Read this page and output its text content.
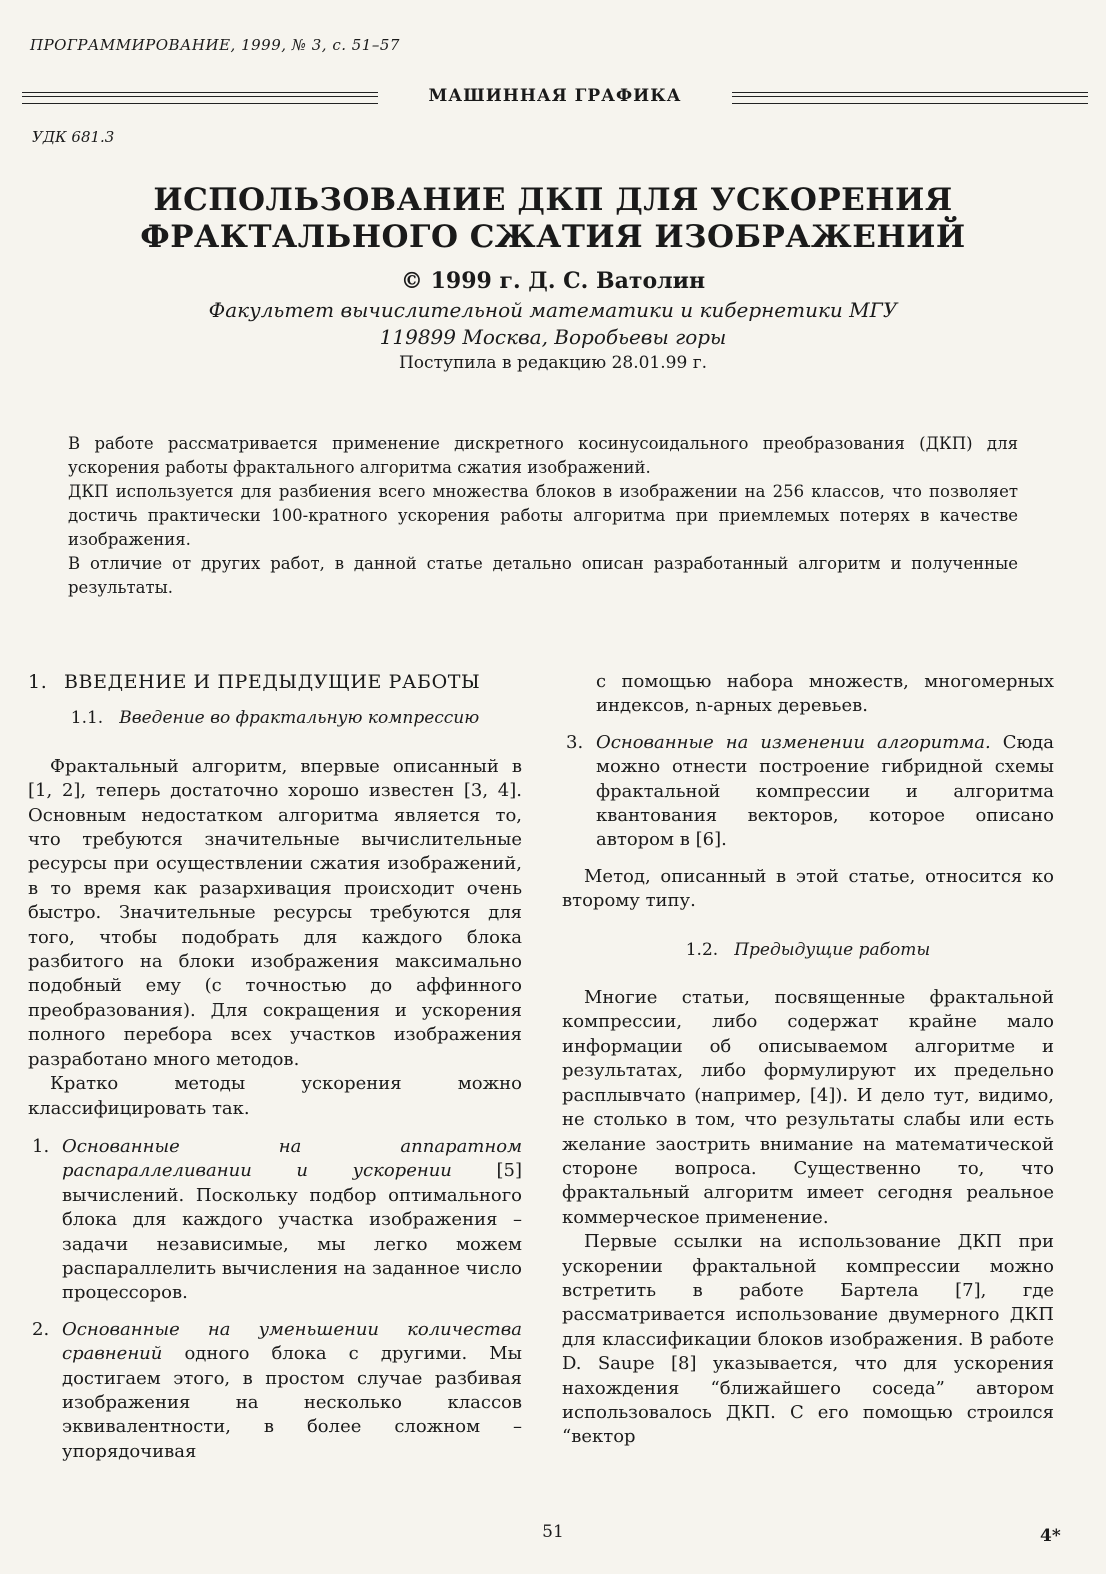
ПРОГРАММИРОВАНИЕ, 1999, № 3, с. 51–57
МАШИННАЯ ГРАФИКА
УДК 681.3
ИСПОЛЬЗОВАНИЕ ДКП ДЛЯ УСКОРЕНИЯ
ФРАКТАЛЬНОГО СЖАТИЯ ИЗОБРАЖЕНИЙ
© 1999 г. Д. С. Ватолин
Факультет вычислительной математики и кибернетики МГУ
119899 Москва, Воробьевы горы
Поступила в редакцию 28.01.99 г.

В работе рассматривается применение дискретного косинусоидального преобразования (ДКП) для ускорения работы фрактального алгоритма сжатия изображений.

ДКП используется для разбиения всего множества блоков в изображении на 256 классов, что позволяет достичь практически 100-кратного ускорения работы алгоритма при приемлемых потерях в качестве изображения.

В отличие от других работ, в данной статье детально описан разработанный алгоритм и полученные результаты.

1. ВВЕДЕНИЕ И ПРЕДЫДУЩИЕ РАБОТЫ
1.1. Введение во фрактальную компрессию

Фрактальный алгоритм, впервые описанный в [1, 2], теперь достаточно хорошо известен [3, 4]. Основным недостатком алгоритма является то, что требуются значительные вычислительные ресурсы при осуществлении сжатия изображений, в то время как разархивация происходит очень быстро. Значительные ресурсы требуются для того, чтобы подобрать для каждого блока разбитого на блоки изображения максимально подобный ему (с точностью до аффинного преобразования). Для сокращения и ускорения полного перебора всех участков изображения разработано много методов.

Кратко методы ускорения можно классифицировать так.

1. Основанные на аппаратном распараллеливании и ускорении [5] вычислений. Поскольку подбор оптимального блока для каждого участка изображения – задачи независимые, мы легко можем распараллелить вычисления на заданное число процессоров.
2. Основанные на уменьшении количества сравнений одного блока с другими. Мы достигаем этого, в простом случае разбивая изображения на несколько классов эквивалентности, в более сложном – упорядочивая
с помощью набора множеств, многомерных индексов, n-арных деревьев.
3. Основанные на изменении алгоритма. Сюда можно отнести построение гибридной схемы фрактальной компрессии и алгоритма квантования векторов, которое описано автором в [6].

Метод, описанный в этой статье, относится ко второму типу.

1.2. Предыдущие работы

Многие статьи, посвященные фрактальной компрессии, либо содержат крайне мало информации об описываемом алгоритме и результатах, либо формулируют их предельно расплывчато (например, [4]). И дело тут, видимо, не столько в том, что результаты слабы или есть желание заострить внимание на математической стороне вопроса. Существенно то, что фрактальный алгоритм имеет сегодня реальное коммерческое применение.

Первые ссылки на использование ДКП при ускорении фрактальной компрессии можно встретить в работе Бартела [7], где рассматривается использование двумерного ДКП для классификации блоков изображения. В работе D. Saupe [8] указывается, что для ускорения нахождения “ближайшего соседа” автором использовалось ДКП. С его помощью строился “вектор

51	4*
